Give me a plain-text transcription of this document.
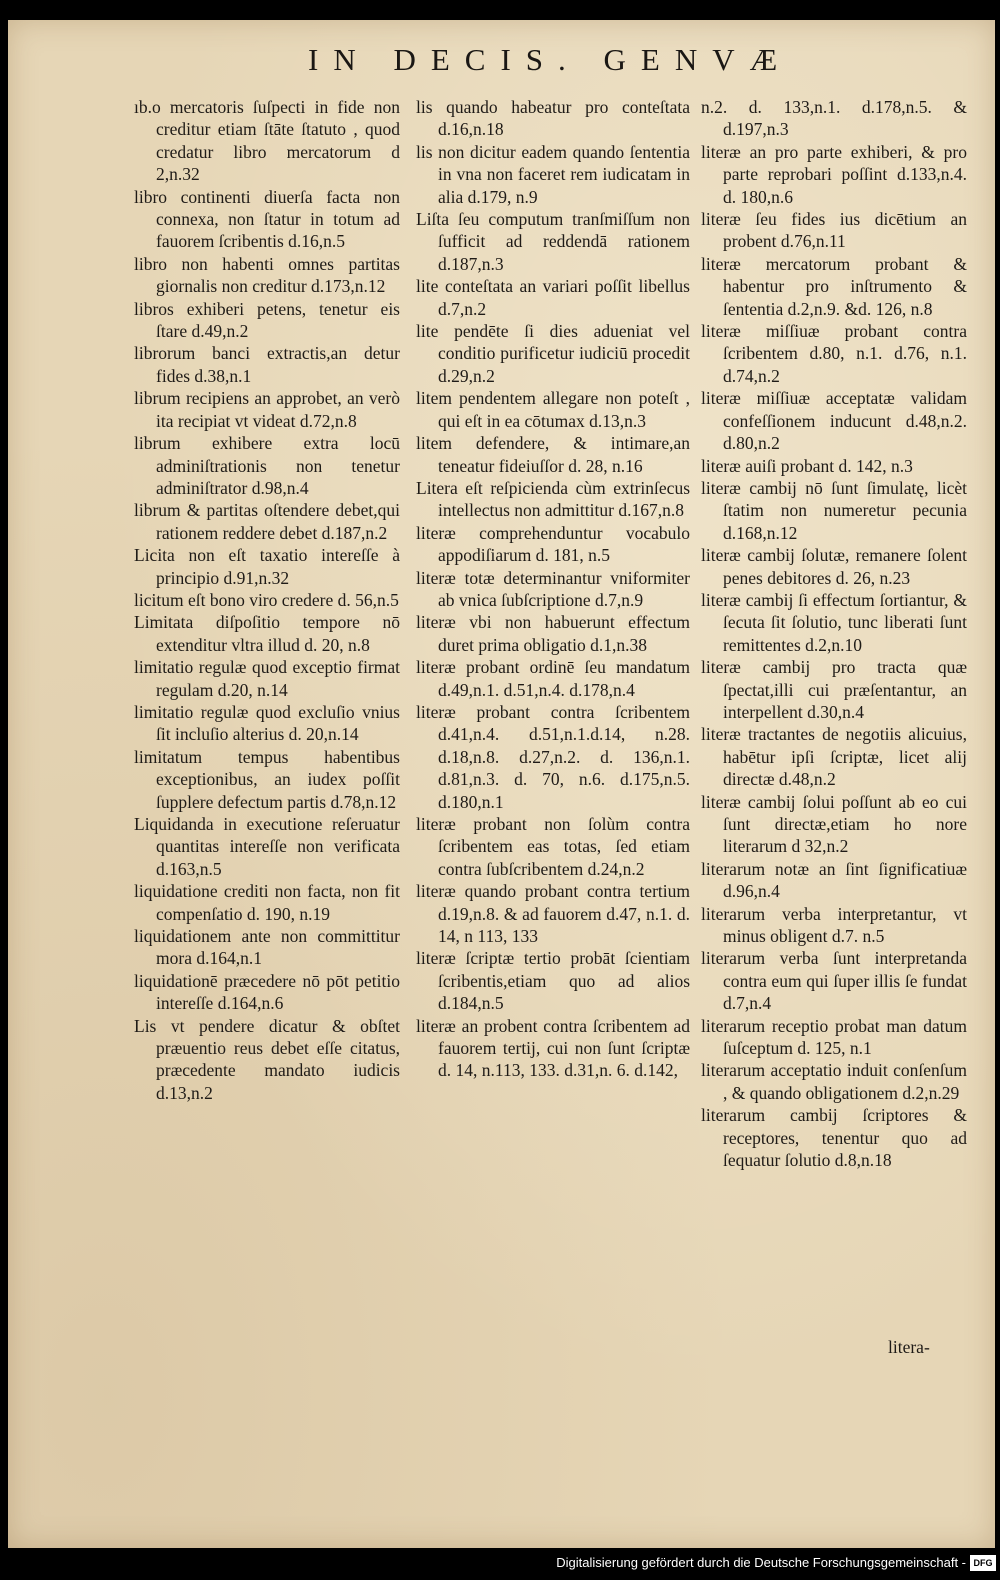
IN DECIS. GENVÆ

ıb.o mercatoris ſuſpecti in fide non creditur etiam ſtāte ſtatuto , quod credatur libro mercatorum d 2,n.32

libro continenti diuerſa facta non connexa, non ſtatur in totum ad fauorem ſcribentis d.16,n.5

libro non habenti omnes partitas giornalis non creditur d.173,n.12

libros exhiberi petens, tenetur eis ſtare d.49,n.2

librorum banci extractis,an detur fides d.38,n.1

librum recipiens an approbet, an verò ita recipiat vt videat d.72,n.8

librum exhibere extra locū adminiſtrationis non tenetur adminiſtrator d.98,n.4

librum & partitas oſtendere debet,qui rationem reddere debet d.187,n.2

Licita non eſt taxatio intereſſe à principio d.91,n.32

licitum eſt bono viro credere d. 56,n.5

Limitata diſpoſitio tempore nō extenditur vltra illud d. 20, n.8

limitatio regulæ quod exceptio firmat regulam d.20, n.14

limitatio regulæ quod excluſio vnius ſit incluſio alterius d. 20,n.14

limitatum tempus habentibus exceptionibus, an iudex poſſit ſupplere defectum partis d.78,n.12

Liquidanda in executione reſeruatur quantitas intereſſe non verificata d.163,n.5

liquidatione crediti non facta, non fit compenſatio d. 190, n.19

liquidationem ante non committitur mora d.164,n.1

liquidationē præcedere nō pōt petitio intereſſe d.164,n.6

Lis vt pendere dicatur & obſtet præuentio reus debet eſſe citatus, præcedente mandato iudicis d.13,n.2

lis quando habeatur pro conteſtata d.16,n.18

lis non dicitur eadem quando ſententia in vna non faceret rem iudicatam in alia d.179, n.9

Liſta ſeu computum tranſmiſſum non ſufficit ad reddendā rationem d.187,n.3

lite conteſtata an variari poſſit libellus d.7,n.2

lite pendēte ſi dies adueniat vel conditio purificetur iudiciū procedit d.29,n.2

litem pendentem allegare non poteſt , qui eſt in ea cōtumax d.13,n.3

litem defendere, & intimare,an teneatur fideiuſſor d. 28, n.16

Litera eſt reſpicienda cùm extrinſecus intellectus non admittitur d.167,n.8

literæ comprehenduntur vocabulo appodiſiarum d. 181, n.5

literæ totæ determinantur vniformiter ab vnica ſubſcriptione d.7,n.9

literæ vbi non habuerunt effectum duret prima obligatio d.1,n.38

literæ probant ordinē ſeu mandatum d.49,n.1. d.51,n.4. d.178,n.4

literæ probant contra ſcribentem d.41,n.4. d.51,n.1.d.14, n.28. d.18,n.8. d.27,n.2. d. 136,n.1. d.81,n.3. d. 70, n.6. d.175,n.5. d.180,n.1

literæ probant non ſolùm contra ſcribentem eas totas, ſed etiam contra ſubſcribentem d.24,n.2

literæ quando probant contra tertium d.19,n.8. & ad fauorem d.47, n.1. d. 14, n 113, 133

literæ ſcriptæ tertio probāt ſcientiam ſcribentis,etiam quo ad alios d.184,n.5

literæ an probent contra ſcribentem ad fauorem tertij, cui non ſunt ſcriptæ d. 14, n.113, 133. d.31,n. 6. d.142,

n.2. d. 133,n.1. d.178,n.5. & d.197,n.3

literæ an pro parte exhiberi, & pro parte reprobari poſſint d.133,n.4. d. 180,n.6

literæ ſeu fides ius dicētium an probent d.76,n.11

literæ mercatorum probant & habentur pro inſtrumento & ſententia d.2,n.9. &d. 126, n.8

literæ miſſiuæ probant contra ſcribentem d.80, n.1. d.76, n.1. d.74,n.2

literæ miſſiuæ acceptatæ validam confeſſionem inducunt d.48,n.2. d.80,n.2

literæ auiſi probant d. 142, n.3

literæ cambij nō ſunt ſimulatę, licèt ſtatim non numeretur pecunia d.168,n.12

literæ cambij ſolutæ, remanere ſolent penes debitores d. 26, n.23

literæ cambij ſi effectum ſortiantur, & ſecuta ſit ſolutio, tunc liberati ſunt remittentes d.2,n.10

literæ cambij pro tracta quæ ſpectat,illi cui præſentantur, an interpellent d.30,n.4

literæ tractantes de negotiis alicuius, habētur ipſi ſcriptæ, licet alij directæ d.48,n.2

literæ cambij ſolui poſſunt ab eo cui ſunt directæ,etiam ho nore literarum d 32,n.2

literarum notæ an ſint ſignificatiuæ d.96,n.4

literarum verba interpretantur, vt minus obligent d.7. n.5

literarum verba ſunt interpretanda contra eum qui ſuper illis ſe fundat d.7,n.4

literarum receptio probat man datum ſuſceptum d. 125, n.1

literarum acceptatio induit conſenſum , & quando obligationem d.2,n.29

literarum cambij ſcriptores & receptores, tenentur quo ad ſequatur ſolutio d.8,n.18

litera-
Digitalisierung gefördert durch die Deutsche Forschungsgemeinschaft - DFG
